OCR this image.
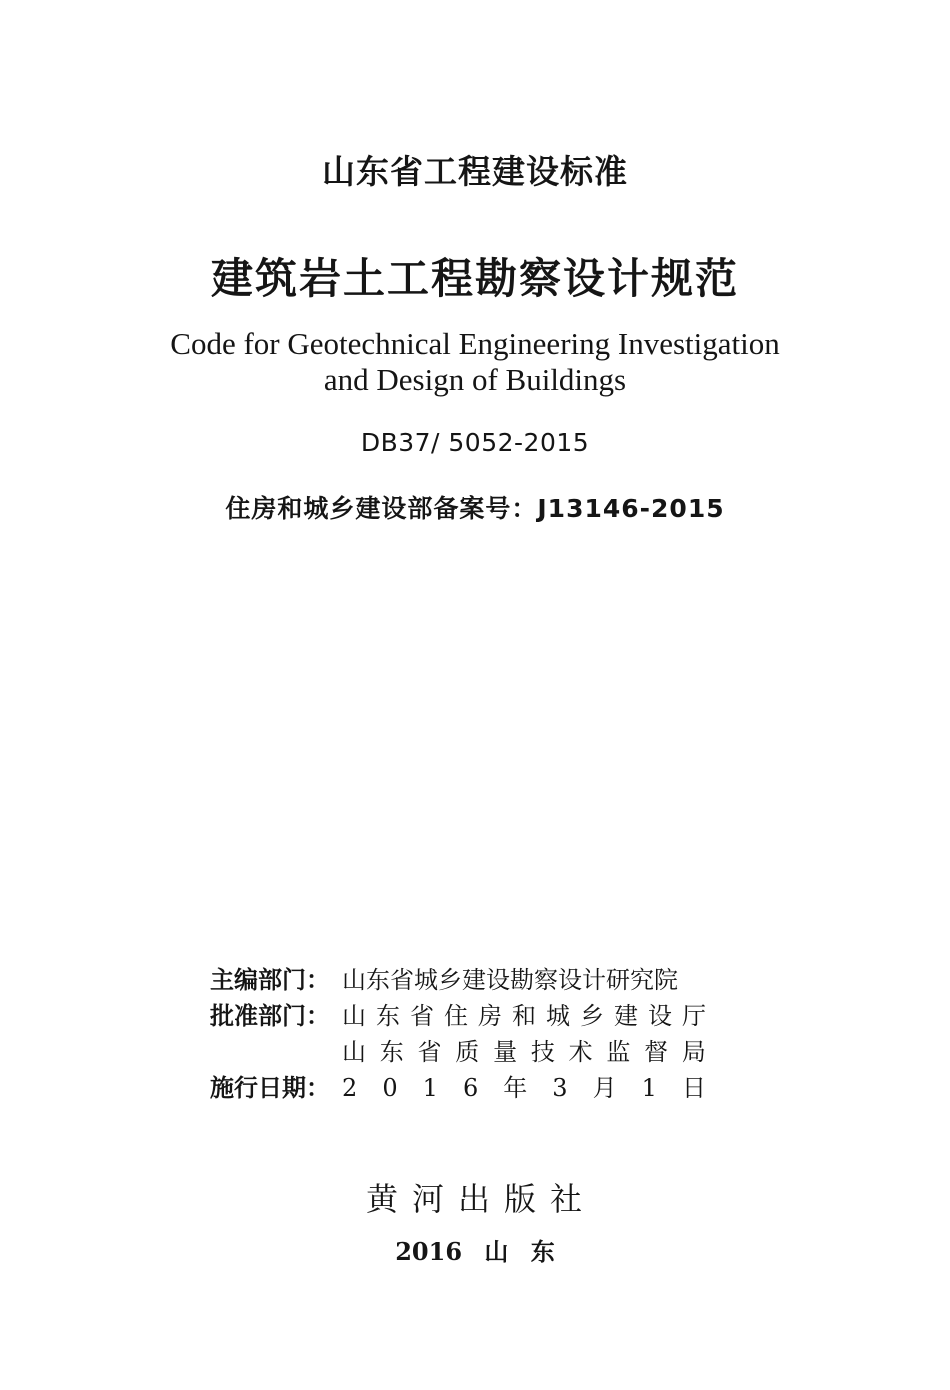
山东省工程建设标准
建筑岩土工程勘察设计规范
Code for Geotechnical Engineering Investigation
and Design of Buildings
DB37/ 5052-2015
住房和城乡建设部备案号：J13146-2015
主编部门： 山东省城乡建设勘察设计研究院
批准部门： 山 东 省 住 房 和 城 乡 建 设 厅
山 东 省 质 量 技 术 监 督 局
施行日期： 2 0 1 6 年 3 月 1 日
黄河出版社
2016 山 东
